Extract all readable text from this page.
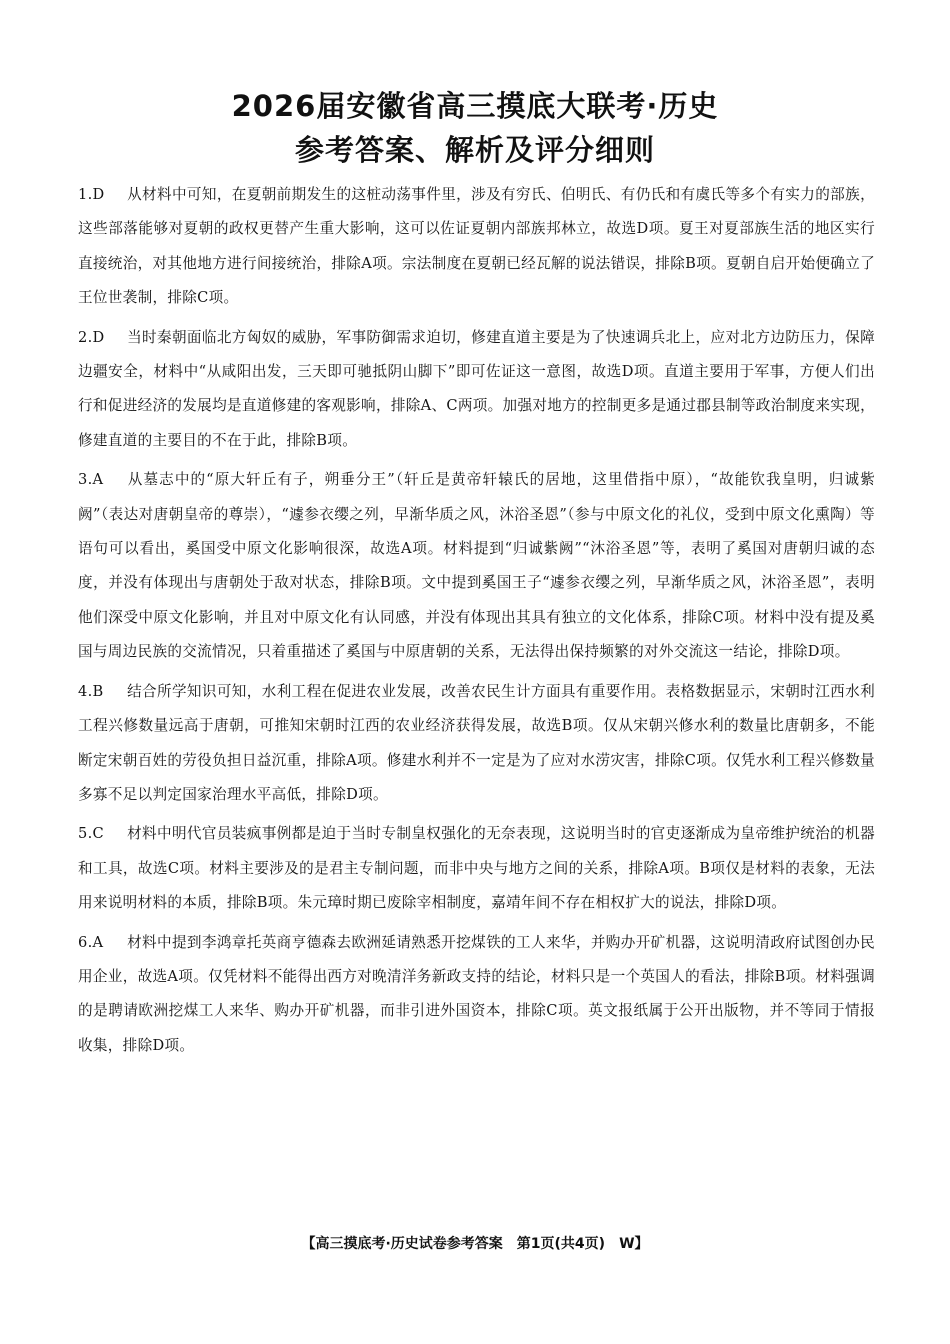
2026届安徽省高三摸底大联考·历史
参考答案、解析及评分细则
1.D 从材料中可知，在夏朝前期发生的这桩动荡事件里，涉及有穷氏、伯明氏、有仍氏和有虞氏等多个有实力的部族，这些部落能够对夏朝的政权更替产生重大影响，这可以佐证夏朝内部族邦林立，故选D项。夏王对夏部族生活的地区实行直接统治，对其他地方进行间接统治，排除A项。宗法制度在夏朝已经瓦解的说法错误，排除B项。夏朝自启开始便确立了王位世袭制，排除C项。
2.D 当时秦朝面临北方匈奴的威胁，军事防御需求迫切，修建直道主要是为了快速调兵北上，应对北方边防压力，保障边疆安全，材料中“从咸阳出发，三天即可驰抵阴山脚下”即可佐证这一意图，故选D项。直道主要用于军事，方便人们出行和促进经济的发展均是直道修建的客观影响，排除A、C两项。加强对地方的控制更多是通过郡县制等政治制度来实现，修建直道的主要目的不在于此，排除B项。
3.A 从墓志中的“原大轩丘有子，朔垂分王”（轩丘是黄帝轩辕氏的居地，这里借指中原），“故能钦我皇明，归诚紫阙”（表达对唐朝皇帝的尊崇），“遽参衣缨之列，早渐华质之风，沐浴圣恩”（参与中原文化的礼仪，受到中原文化熏陶）等语句可以看出，奚国受中原文化影响很深，故选A项。材料提到“归诚紫阙”“沐浴圣恩”等，表明了奚国对唐朝归诚的态度，并没有体现出与唐朝处于敌对状态，排除B项。文中提到奚国王子“遽参衣缨之列，早渐华质之风，沐浴圣恩”，表明他们深受中原文化影响，并且对中原文化有认同感，并没有体现出其具有独立的文化体系，排除C项。材料中没有提及奚国与周边民族的交流情况，只着重描述了奚国与中原唐朝的关系，无法得出保持频繁的对外交流这一结论，排除D项。
4.B 结合所学知识可知，水利工程在促进农业发展，改善农民生计方面具有重要作用。表格数据显示，宋朝时江西水利工程兴修数量远高于唐朝，可推知宋朝时江西的农业经济获得发展，故选B项。仅从宋朝兴修水利的数量比唐朝多，不能断定宋朝百姓的劳役负担日益沉重，排除A项。修建水利并不一定是为了应对水涝灾害，排除C项。仅凭水利工程兴修数量多寡不足以判定国家治理水平高低，排除D项。
5.C 材料中明代官员装疯事例都是迫于当时专制皇权强化的无奈表现，这说明当时的官吏逐渐成为皇帝维护统治的机器和工具，故选C项。材料主要涉及的是君主专制问题，而非中央与地方之间的关系，排除A项。B项仅是材料的表象，无法用来说明材料的本质，排除B项。朱元璋时期已废除宰相制度，嘉靖年间不存在相权扩大的说法，排除D项。
6.A 材料中提到李鸿章托英商亨德森去欧洲延请熟悉开挖煤铁的工人来华，并购办开矿机器，这说明清政府试图创办民用企业，故选A项。仅凭材料不能得出西方对晚清洋务新政支持的结论，材料只是一个英国人的看法，排除B项。材料强调的是聘请欧洲挖煤工人来华、购办开矿机器，而非引进外国资本，排除C项。英文报纸属于公开出版物，并不等同于情报收集，排除D项。
【高三摸底考·历史试卷参考答案　第1页(共4页)　W】
